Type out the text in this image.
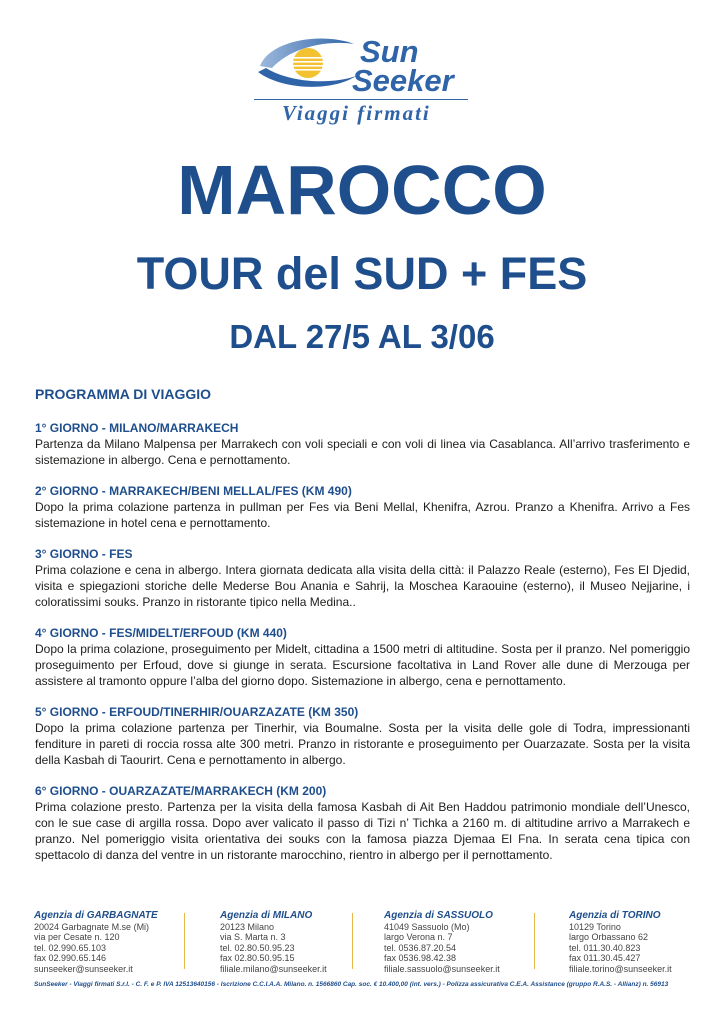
Sun
Seeker
Viaggi firmati
MAROCCO
TOUR del SUD + FES
DAL 27/5 AL 3/06
PROGRAMMA DI VIAGGIO
1° GIORNO - MILANO/MARRAKECH
Partenza da Milano Malpensa per Marrakech con voli speciali e con voli di linea via Casablanca. All’arrivo trasferimento e sistemazione in albergo. Cena e pernottamento.
2° GIORNO - MARRAKECH/BENI MELLAL/FES (KM 490)
Dopo la prima colazione partenza in pullman per Fes via Beni Mellal, Khenifra, Azrou. Pranzo a Khenifra. Arrivo a Fes sistemazione in hotel cena e pernottamento.
3° GIORNO - FES
Prima colazione e cena in albergo. Intera giornata dedicata alla visita della città: il Palazzo Reale (esterno), Fes El Djedid, visita e spiegazioni storiche delle Mederse Bou Anania e Sahrij, la Moschea Karaouine (esterno), il Museo Nejjarine, i coloratissimi souks. Pranzo in ristorante tipico nella Medina..
4° GIORNO - FES/MIDELT/ERFOUD (KM 440)
Dopo la prima colazione, proseguimento per Midelt, cittadina a 1500 metri di altitudine. Sosta per il pranzo. Nel pomeriggio proseguimento per Erfoud, dove si giunge in serata. Escursione facoltativa in Land Rover alle dune di Merzouga per assistere al tramonto oppure l’alba del giorno dopo. Sistemazione in albergo, cena e pernottamento.
5° GIORNO - ERFOUD/TINERHIR/OUARZAZATE (KM 350)
Dopo la prima colazione partenza per Tinerhir, via Boumalne. Sosta per la visita delle gole di Todra, impressionanti fenditure in pareti di roccia rossa alte 300 metri. Pranzo in ristorante e proseguimento per Ouarzazate. Sosta per la visita della Kasbah di Taourirt. Cena e pernottamento in albergo.
6° GIORNO - OUARZAZATE/MARRAKECH (KM 200)
Prima colazione presto. Partenza per la visita della famosa Kasbah di Ait Ben Haddou patrimonio mondiale dell’Unesco, con le sue case di argilla rossa. Dopo aver valicato il passo di Tizi n’ Tichka a 2160 m. di altitudine arrivo a Marrakech e pranzo. Nel pomeriggio visita orientativa dei souks con la famosa piazza Djemaa El Fna. In serata cena tipica con spettacolo di danza del ventre in un ristorante marocchino, rientro in albergo per il pernottamento.
Agenzia di GARBAGNATE
20024 Garbagnate M.se (Mi)
via per Cesate n. 120
tel. 02.990.65.103
fax 02.990.65.146
sunseeker@sunseeker.it
Agenzia di MILANO
20123 Milano
via S. Marta n. 3
tel. 02.80.50.95.23
fax 02.80.50.95.15
filiale.milano@sunseeker.it
Agenzia di SASSUOLO
41049 Sassuolo (Mo)
largo Verona n. 7
tel. 0536.87.20.54
fax 0536.98.42.38
filiale.sassuolo@sunseeker.it
Agenzia di TORINO
10129 Torino
largo Orbassano 62
tel. 011.30.40.823
fax 011.30.45.427
filiale.torino@sunseeker.it
SunSeeker - Viaggi firmati S.r.l. - C. F. e P. IVA 12513640156 - Iscrizione C.C.I.A.A. Milano. n. 1566860 Cap. soc. € 10.400,00 (int. vers.) - Polizza assicurativa C.E.A. Assistance (gruppo R.A.S. - Allianz) n. 56913
